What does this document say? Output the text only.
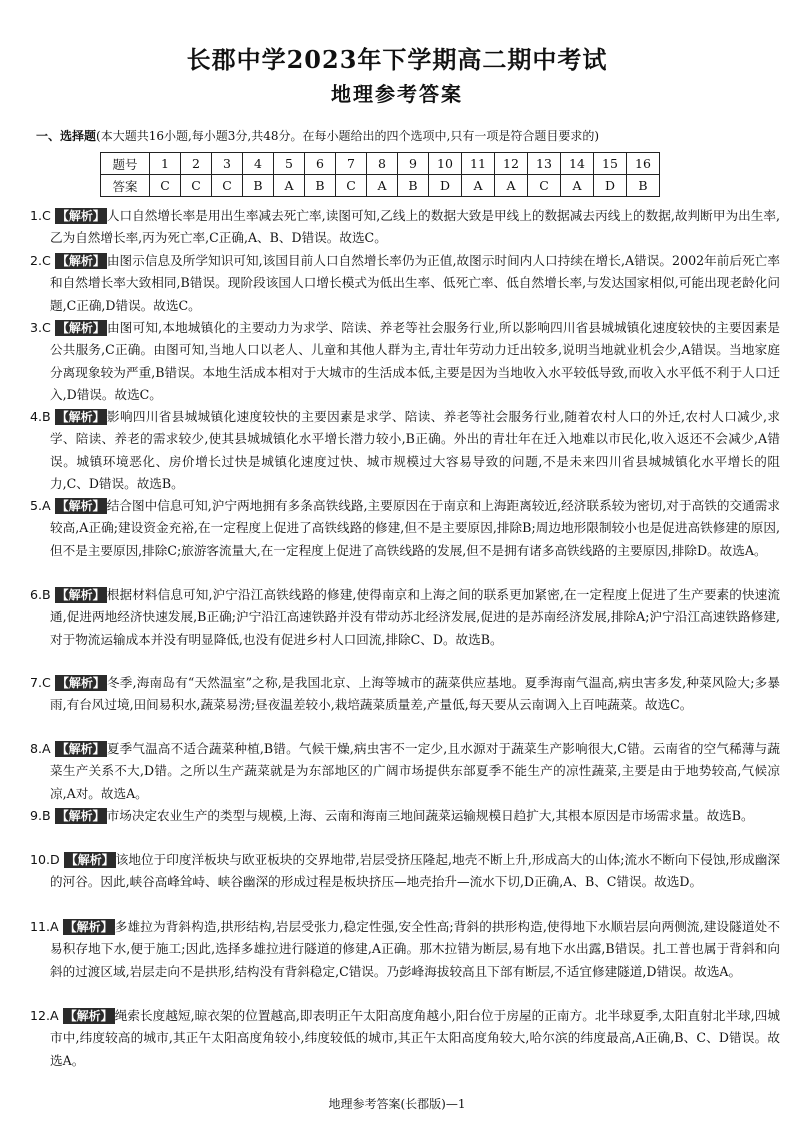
长郡中学2023年下学期高二期中考试
地理参考答案
一、选择题(本大题共16小题,每小题3分,共48分。在每小题给出的四个选项中,只有一项是符合题目要求的)
题号	1	2	3	4	5	6	7	8	9	10	11	12	13	14	15	16
答案	C	C	C	B	A	B	C	A	B	D	A	A	C	A	D	B
1.C 【解析】 人口自然增长率是用出生率减去死亡率,读图可知,乙线上的数据大致是甲线上的数据减去丙线上的数据,故判断甲为出生率,乙为自然增长率,丙为死亡率,C正确,A、B、D错误。故选C。
2.C 【解析】 由图示信息及所学知识可知,该国目前人口自然增长率仍为正值,故图示时间内人口持续在增长,A错误。2002年前后死亡率和自然增长率大致相同,B错误。现阶段该国人口增长模式为低出生率、低死亡率、低自然增长率,与发达国家相似,可能出现老龄化问题,C正确,D错误。故选C。
3.C 【解析】 由图可知,本地城镇化的主要动力为求学、陪读、养老等社会服务行业,所以影响四川省县城城镇化速度较快的主要因素是公共服务,C正确。由图可知,当地人口以老人、儿童和其他人群为主,青壮年劳动力迁出较多,说明当地就业机会少,A错误。当地家庭分离现象较为严重,B错误。本地生活成本相对于大城市的生活成本低,主要是因为当地收入水平较低导致,而收入水平低不利于人口迁入,D错误。故选C。
4.B 【解析】 影响四川省县城城镇化速度较快的主要因素是求学、陪读、养老等社会服务行业,随着农村人口的外迁,农村人口减少,求学、陪读、养老的需求较少,使其县城城镇化水平增长潜力较小,B正确。外出的青壮年在迁入地难以市民化,收入返还不会减少,A错误。城镇环境恶化、房价增长过快是城镇化速度过快、城市规模过大容易导致的问题,不是未来四川省县城城镇化水平增长的阻力,C、D错误。故选B。
5.A 【解析】 结合图中信息可知,沪宁两地拥有多条高铁线路,主要原因在于南京和上海距离较近,经济联系较为密切,对于高铁的交通需求较高,A正确;建设资金充裕,在一定程度上促进了高铁线路的修建,但不是主要原因,排除B;周边地形限制较小也是促进高铁修建的原因,但不是主要原因,排除C;旅游客流量大,在一定程度上促进了高铁线路的发展,但不是拥有诸多高铁线路的主要原因,排除D。故选A。
6.B 【解析】 根据材料信息可知,沪宁沿江高铁线路的修建,使得南京和上海之间的联系更加紧密,在一定程度上促进了生产要素的快速流通,促进两地经济快速发展,B正确;沪宁沿江高速铁路并没有带动苏北经济发展,促进的是苏南经济发展,排除A;沪宁沿江高速铁路修建,对于物流运输成本并没有明显降低,也没有促进乡村人口回流,排除C、D。故选B。
7.C 【解析】 冬季,海南岛有“天然温室”之称,是我国北京、上海等城市的蔬菜供应基地。夏季海南气温高,病虫害多发,种菜风险大;多暴雨,有台风过境,田间易积水,蔬菜易涝;昼夜温差较小,栽培蔬菜质量差,产量低,每天要从云南调入上百吨蔬菜。故选C。
8.A 【解析】 夏季气温高不适合蔬菜种植,B错。气候干燥,病虫害不一定少,且水源对于蔬菜生产影响很大,C错。云南省的空气稀薄与蔬菜生产关系不大,D错。之所以生产蔬菜就是为东部地区的广阔市场提供东部夏季不能生产的凉性蔬菜,主要是由于地势较高,气候凉凉,A对。故选A。
9.B 【解析】 市场决定农业生产的类型与规模,上海、云南和海南三地间蔬菜运输规模日趋扩大,其根本原因是市场需求量。故选B。
10.D 【解析】 该地位于印度洋板块与欧亚板块的交界地带,岩层受挤压隆起,地壳不断上升,形成高大的山体;流水不断向下侵蚀,形成幽深的河谷。因此,峡谷高峰耸峙、峡谷幽深的形成过程是板块挤压—地壳抬升—流水下切,D正确,A、B、C错误。故选D。
11.A 【解析】 多雄拉为背斜构造,拱形结构,岩层受张力,稳定性强,安全性高;背斜的拱形构造,使得地下水顺岩层向两侧流,建设隧道处不易积存地下水,便于施工;因此,选择多雄拉进行隧道的修建,A正确。那木拉错为断层,易有地下水出露,B错误。扎工普也属于背斜和向斜的过渡区域,岩层走向不是拱形,结构没有背斜稳定,C错误。乃彭峰海拔较高且下部有断层,不适宜修建隧道,D错误。故选A。
12.A 【解析】 绳索长度越短,晾衣架的位置越高,即表明正午太阳高度角越小,阳台位于房屋的正南方。北半球夏季,太阳直射北半球,四城市中,纬度较高的城市,其正午太阳高度角较小,纬度较低的城市,其正午太阳高度角较大,哈尔滨的纬度最高,A正确,B、C、D错误。故选A。
地理参考答案(长郡版)—1
